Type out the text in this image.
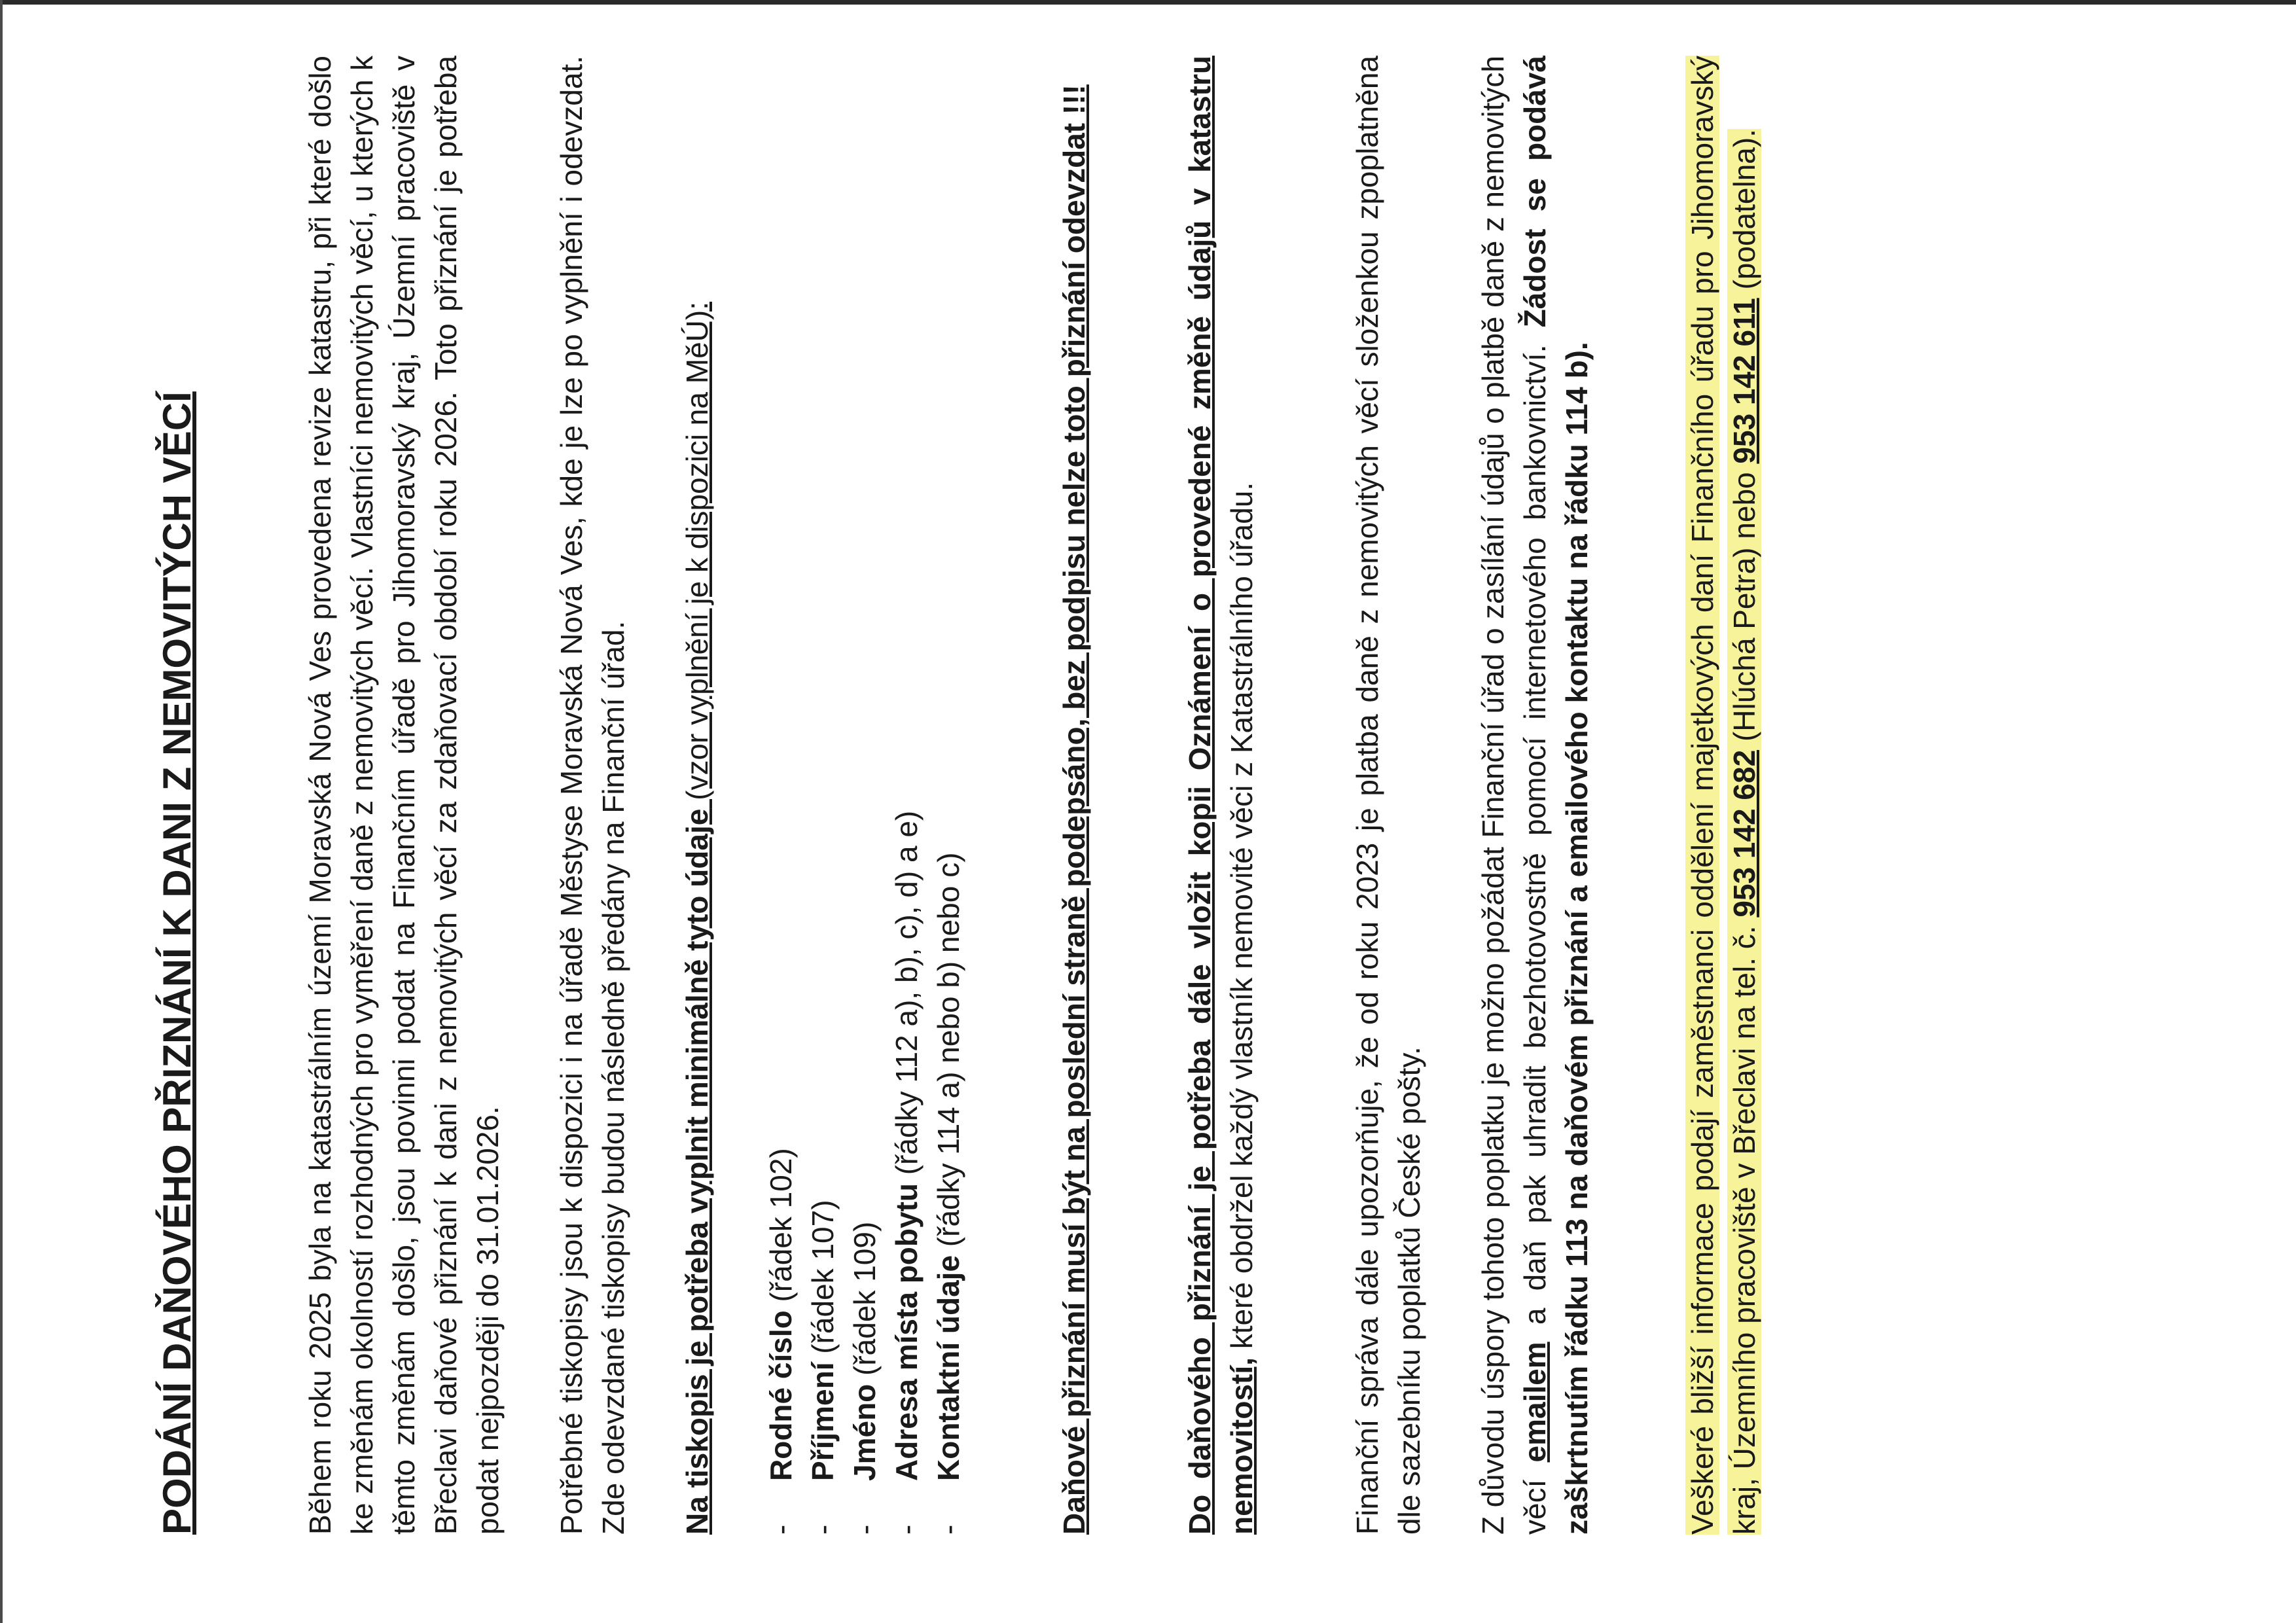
PODÁNÍ DAŇOVÉHO PŘIZNÁNÍ K DANI Z NEMOVITÝCH VĚCÍ	Během roku 2025 byla na katastrálním území Moravská Nová Ves provedena revize katastru, při které došlo ke změnám okolností rozhodných pro vyměření daně z nemovitých věcí. Vlastníci nemovitých věcí, u kterých k těmto změnám došlo, jsou povinni podat na Finančním úřadě pro Jihomoravský kraj, Územní pracoviště v Břeclavi daňové přiznání k dani z nemovitých věcí za zdaňovací období roku 2026. Toto přiznání je potřeba podat nejpozději do 31.01.2026. Potřebné tiskopisy jsou k dispozici i na úřadě Městyse Moravská Nová Ves, kde je lze po vyplnění i odevzdat. Zde odevzdané tiskopisy budou následně předány na Finanční úřad. Na tiskopis je potřeba vyplnit minimálně tyto údaje (vzor vyplnění je k dispozici na MěÚ):

-
Rodné číslo (řádek 102)
-
Příjmení (řádek 107)
-
Jméno (řádek 109)
-
Adresa místa pobytu (řádky 112 a), b), c), d) a e)
-
Kontaktní údaje (řádky 114 a) nebo b) nebo c)	Daňové přiznání musí být na poslední straně podepsáno, bez podpisu nelze toto přiznání odevzdat !!!	Do daňového přiznání je potřeba dále vložit kopii Oznámení o provedené změně údajů v katastru nemovitostí, které obdržel každý vlastník nemovité věci z Katastrálního úřadu.	Finanční správa dále upozorňuje, že od roku 2023 je platba daně z nemovitých věcí složenkou zpoplatněna dle sazebníku poplatků České pošty. Z důvodu úspory tohoto poplatku je možno požádat Finanční úřad o zasílání údajů o platbě daně z nemovitých věcí emailem a daň pak uhradit bezhotovostně pomocí internetového bankovnictví. Žádost se podává zaškrtnutím řádku 113 na daňovém přiznání a emailového kontaktu na řádku 114 b).	Veškeré bližší informace podají zaměstnanci oddělení majetkových daní Finančního úřadu pro Jihomoravský kraj, Územního pracoviště v Břeclavi na tel. č. 953 142 682 (Hlúchá Petra) nebo 953 142 611 (podatelna).
